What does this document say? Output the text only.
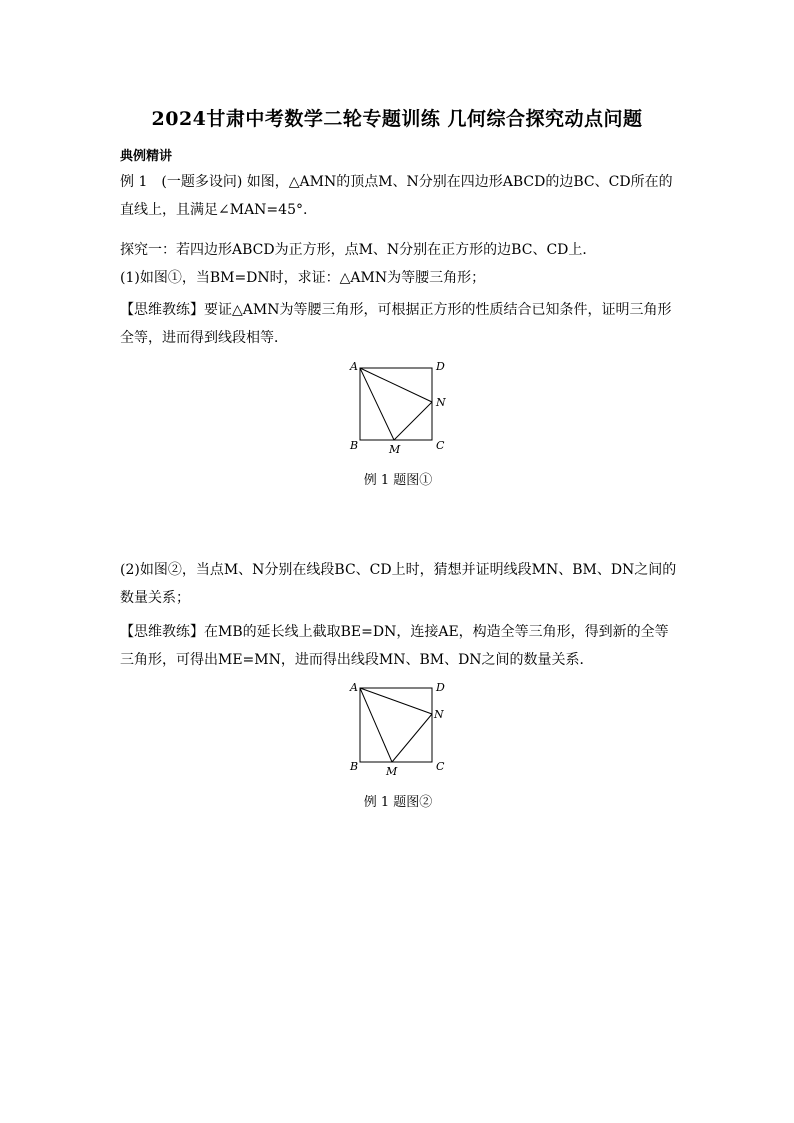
2024甘肃中考数学二轮专题训练 几何综合探究动点问题
典例精讲
例 1　(一题多设问) 如图，△AMN的顶点M、N分别在四边形ABCD的边BC、CD所在的直线上，且满足∠MAN=45°.
探究一：若四边形ABCD为正方形，点M、N分别在正方形的边BC、CD上．
(1)如图①，当BM=DN时，求证：△AMN为等腰三角形；
【思维教练】要证△AMN为等腰三角形，可根据正方形的性质结合已知条件，证明三角形全等，进而得到线段相等．
A	D
N
B	M	C
例 1 题图①
(2)如图②，当点M、N分别在线段BC、CD上时，猜想并证明线段MN、BM、DN之间的数量关系；
【思维教练】在MB的延长线上截取BE=DN，连接AE，构造全等三角形，得到新的全等三角形，可得出ME=MN，进而得出线段MN、BM、DN之间的数量关系．
A	D
N
B	M	C
例 1 题图②
